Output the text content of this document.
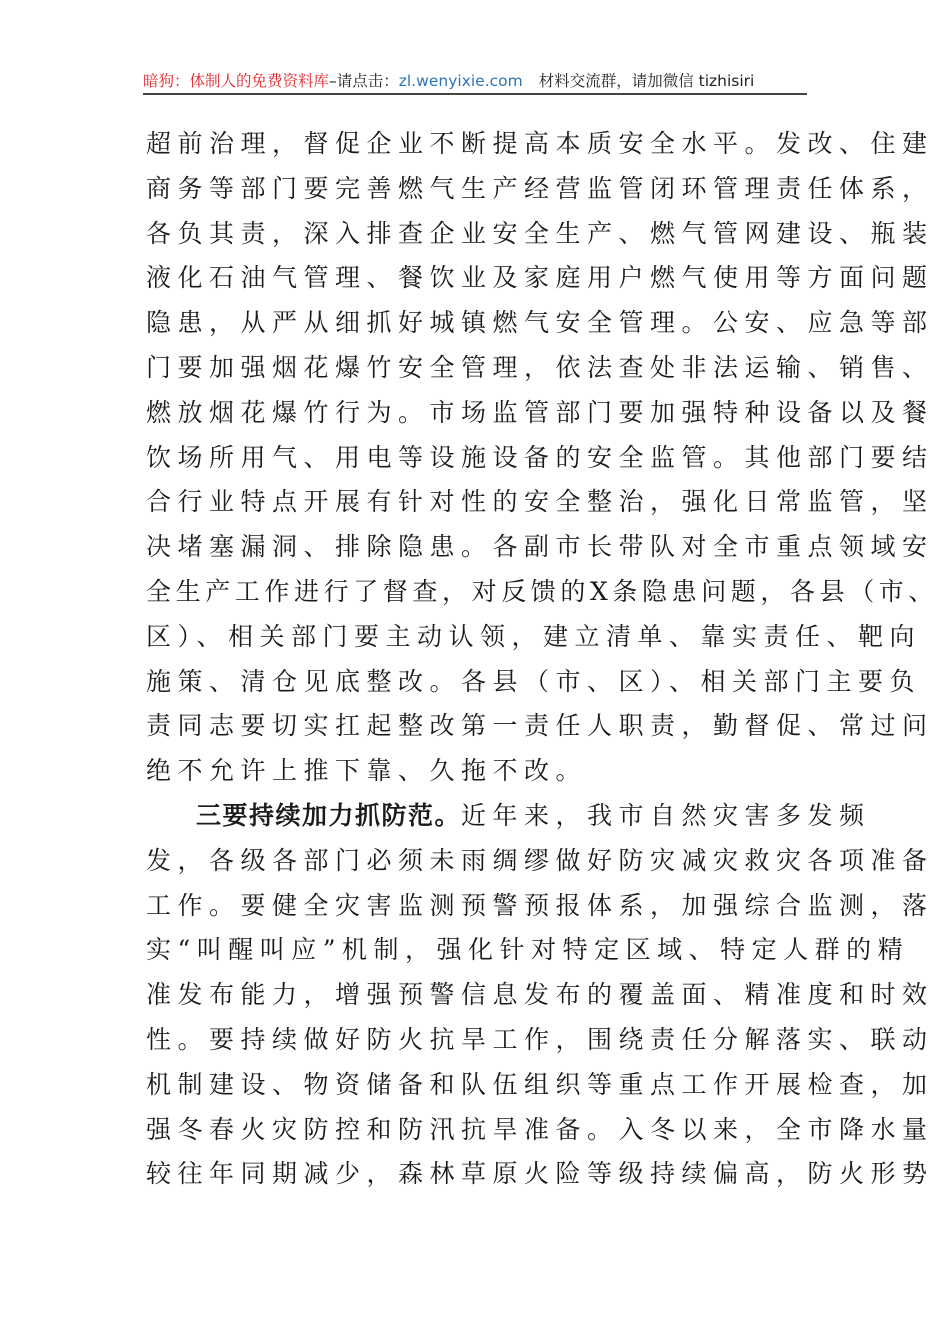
暗狗：体制人的免费资料库–请点击：zl.wenyixie.com 材料交流群，请加微信 tizhisiri
超前治理，督促企业不断提高本质安全水平。发改、住建
商务等部门要完善燃气生产经营监管闭环管理责任体系，
各负其责，深入排查企业安全生产、燃气管网建设、瓶装
液化石油气管理、餐饮业及家庭用户燃气使用等方面问题
隐患，从严从细抓好城镇燃气安全管理。公安、应急等部
门要加强烟花爆竹安全管理，依法查处非法运输、销售、
燃放烟花爆竹行为。市场监管部门要加强特种设备以及餐
饮场所用气、用电等设施设备的安全监管。其他部门要结
合行业特点开展有针对性的安全整治，强化日常监管，坚
决堵塞漏洞、排除隐患。各副市长带队对全市重点领域安
全生产工作进行了督查，对反馈的X条隐患问题，各县（市、
区）、相关部门要主动认领，建立清单、靠实责任、靶向
施策、清仓见底整改。各县（市、区）、相关部门主要负
责同志要切实扛起整改第一责任人职责，勤督促、常过问
绝不允许上推下靠、久拖不改。
三要持续加力抓防范。近年来，我市自然灾害多发频
发，各级各部门必须未雨绸缪做好防灾减灾救灾各项准备
工作。要健全灾害监测预警预报体系，加强综合监测，落
实“叫醒叫应”机制，强化针对特定区域、特定人群的精
准发布能力，增强预警信息发布的覆盖面、精准度和时效
性。要持续做好防火抗旱工作，围绕责任分解落实、联动
机制建设、物资储备和队伍组织等重点工作开展检查，加
强冬春火灾防控和防汛抗旱准备。入冬以来，全市降水量
较往年同期减少，森林草原火险等级持续偏高，防火形势
